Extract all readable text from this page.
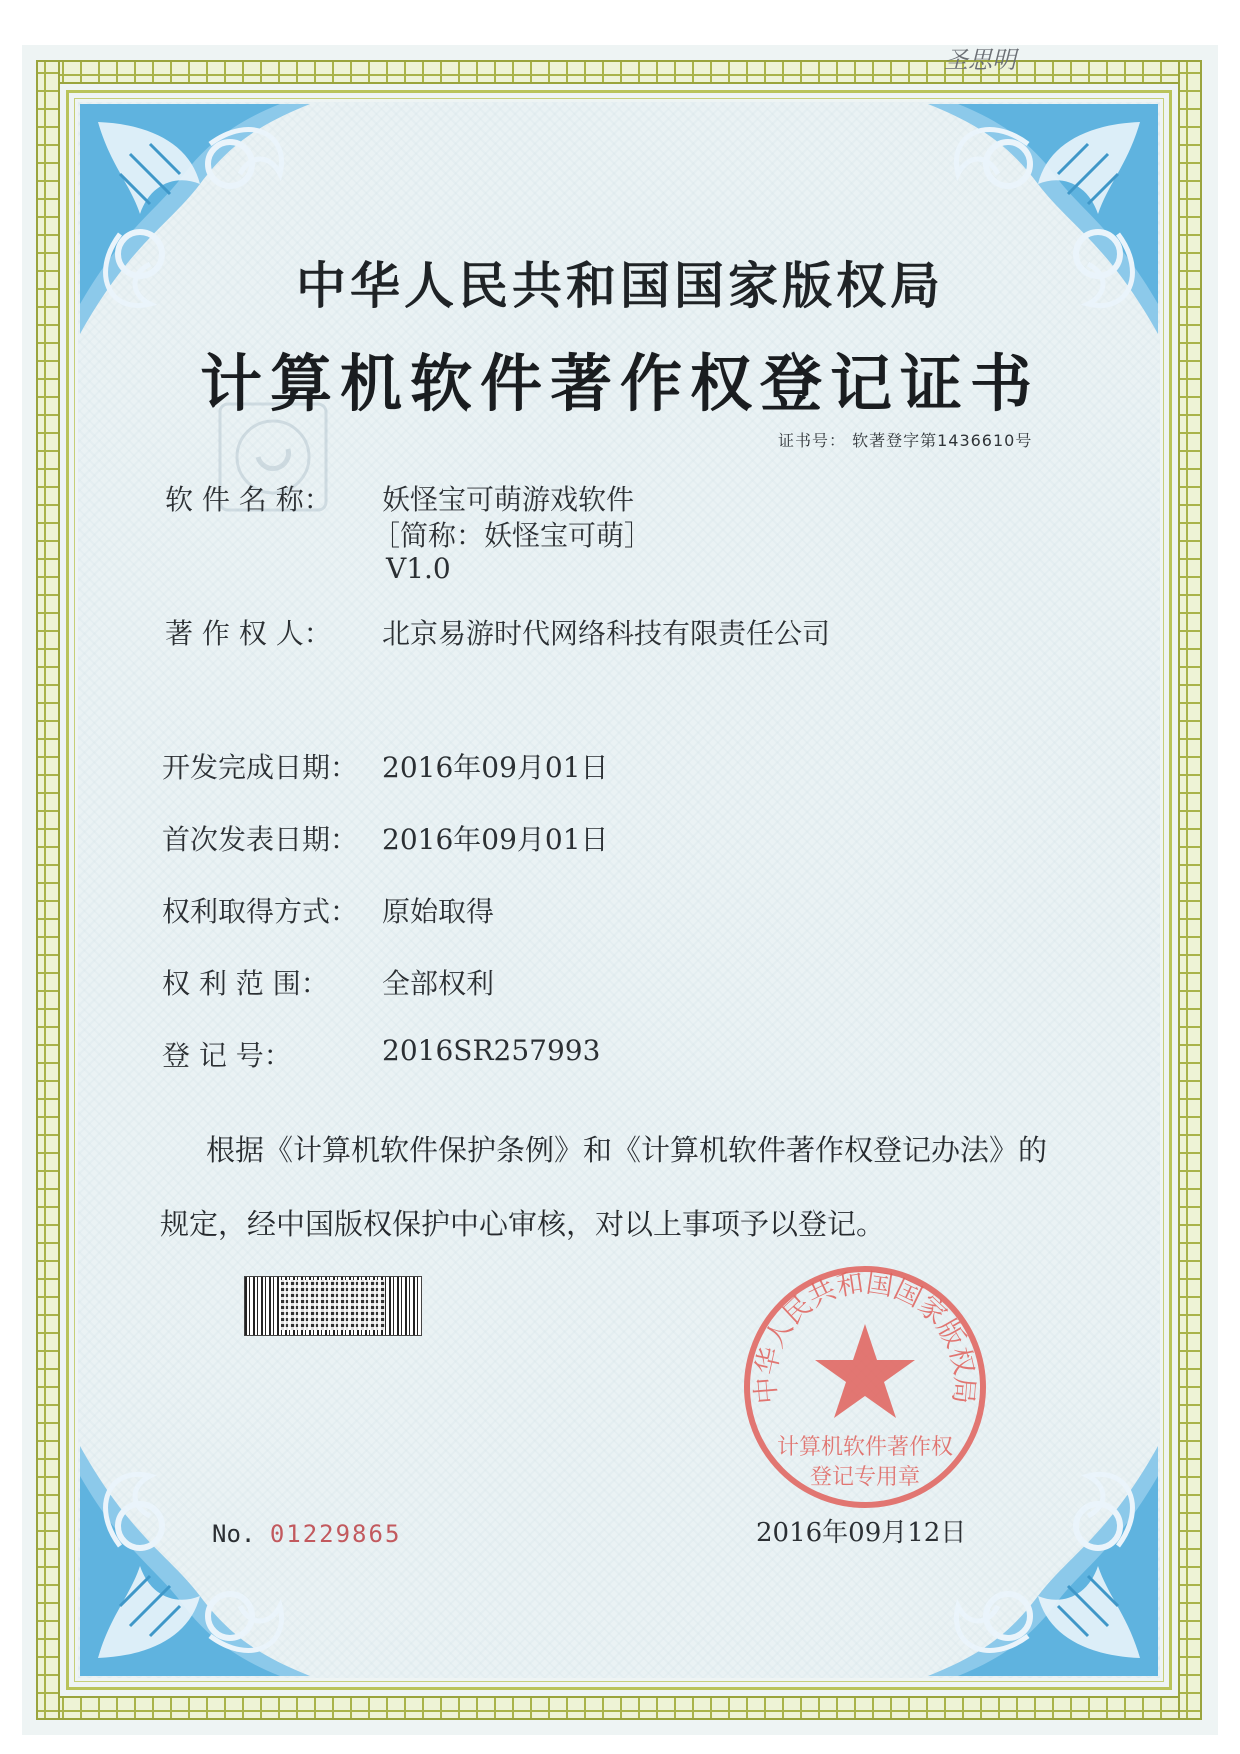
圣思明
中华人民共和国国家版权局
计算机软件著作权登记证书
证书号： 软著登字第1436610号
软 件 名 称： 妖怪宝可萌游戏软件
［简称：妖怪宝可萌］
V1.0
著 作 权 人： 北京易游时代网络科技有限责任公司
开发完成日期： 2016年09月01日
首次发表日期： 2016年09月01日
权利取得方式： 原始取得
权 利 范 围： 全部权利
登 记 号：	2016SR257993
根据《计算机软件保护条例》和《计算机软件著作权登记办法》的
规定，经中国版权保护中心审核，对以上事项予以登记。
中华人民共和国国家版权局
计算机软件著作权
登记专用章
No. 01229865	2016年09月12日
